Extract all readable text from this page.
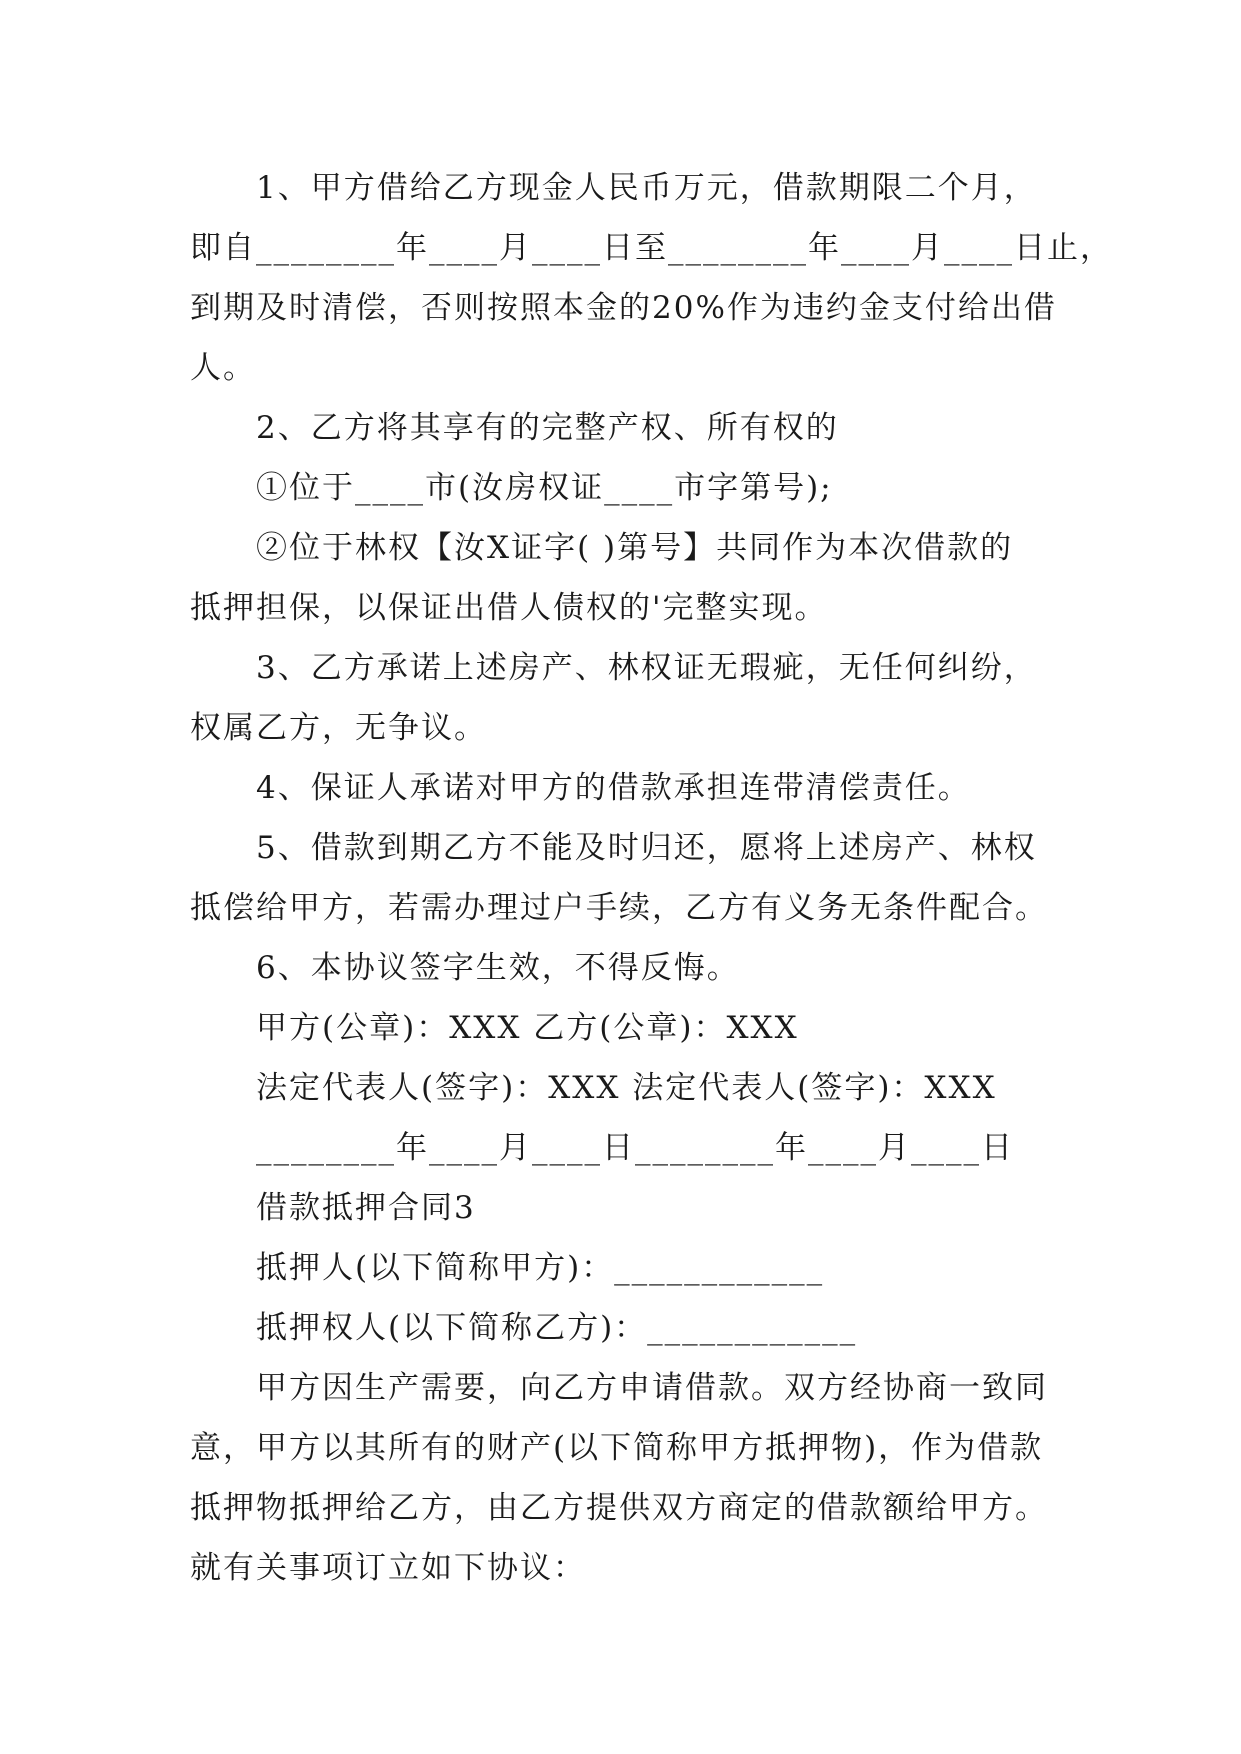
1、甲方借给乙方现金人民币万元，借款期限二个月，
即自________年____月____日至________年____月____日止，
到期及时清偿，否则按照本金的20%作为违约金支付给出借
人。
2、乙方将其享有的完整产权、所有权的
①位于____市(汝房权证____市字第号);
②位于林权【汝X证字( )第号】共同作为本次借款的
抵押担保，以保证出借人债权的'完整实现。
3、乙方承诺上述房产、林权证无瑕疵，无任何纠纷，
权属乙方，无争议。
4、保证人承诺对甲方的借款承担连带清偿责任。
5、借款到期乙方不能及时归还，愿将上述房产、林权
抵偿给甲方，若需办理过户手续，乙方有义务无条件配合。
6、本协议签字生效，不得反悔。
甲方(公章)：XXX 乙方(公章)：XXX
法定代表人(签字)：XXX 法定代表人(签字)：XXX
________年____月____日________年____月____日
借款抵押合同3
抵押人(以下简称甲方)：____________
抵押权人(以下简称乙方)：____________
甲方因生产需要，向乙方申请借款。双方经协商一致同
意，甲方以其所有的财产(以下简称甲方抵押物)，作为借款
抵押物抵押给乙方，由乙方提供双方商定的借款额给甲方。
就有关事项订立如下协议：
